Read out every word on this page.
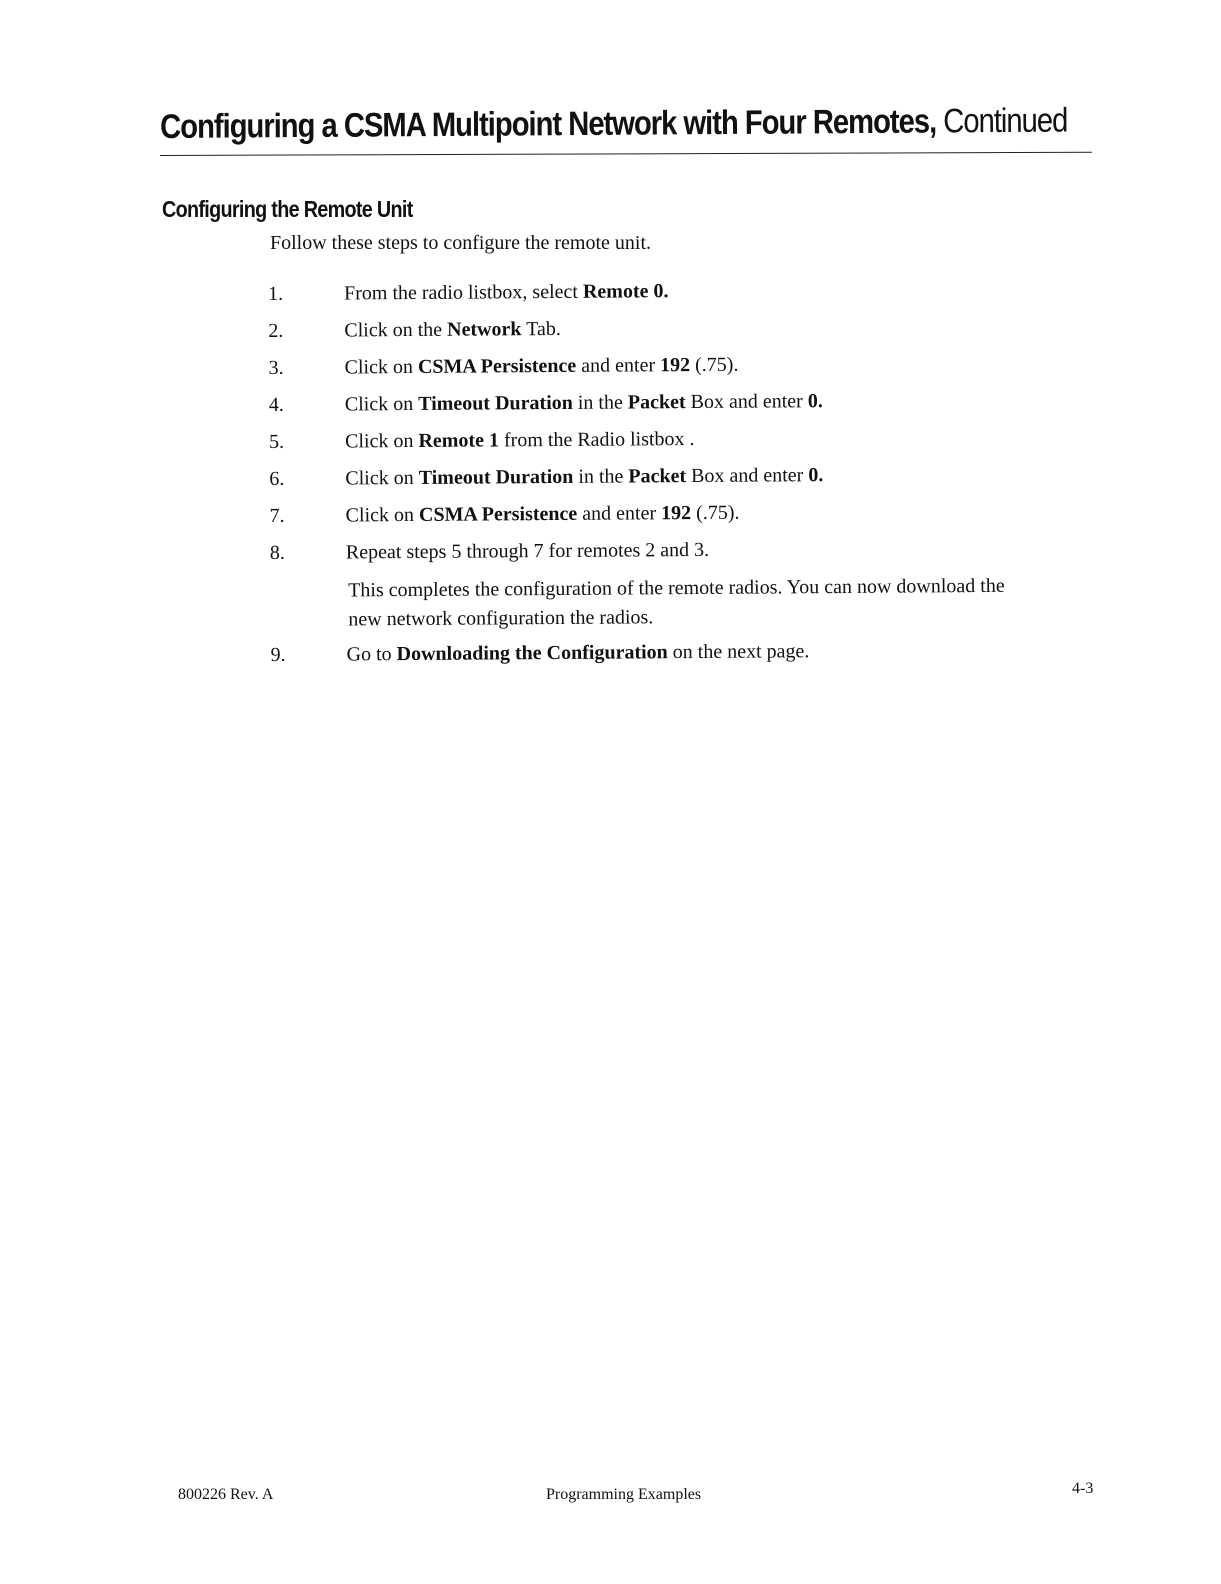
Configuring a CSMA Multipoint Network with Four Remotes, Continued
Configuring the Remote Unit
Follow these steps to configure the remote unit.
1.	From the radio listbox, select Remote 0.
2.	Click on the Network Tab.
3.	Click on CSMA Persistence and enter 192 (.75).
4.	Click on Timeout Duration in the Packet Box and enter 0.
5.	Click on Remote 1 from the Radio listbox .
6.	Click on Timeout Duration in the Packet Box and enter 0.
7.	Click on CSMA Persistence and enter 192 (.75).
8.	Repeat steps 5 through 7 for remotes 2 and 3.
This completes the configuration of the remote radios. You can now download the new network configuration the radios.
9.	Go to Downloading the Configuration on the next page.
800226 Rev. A	Programming Examples	4-3
